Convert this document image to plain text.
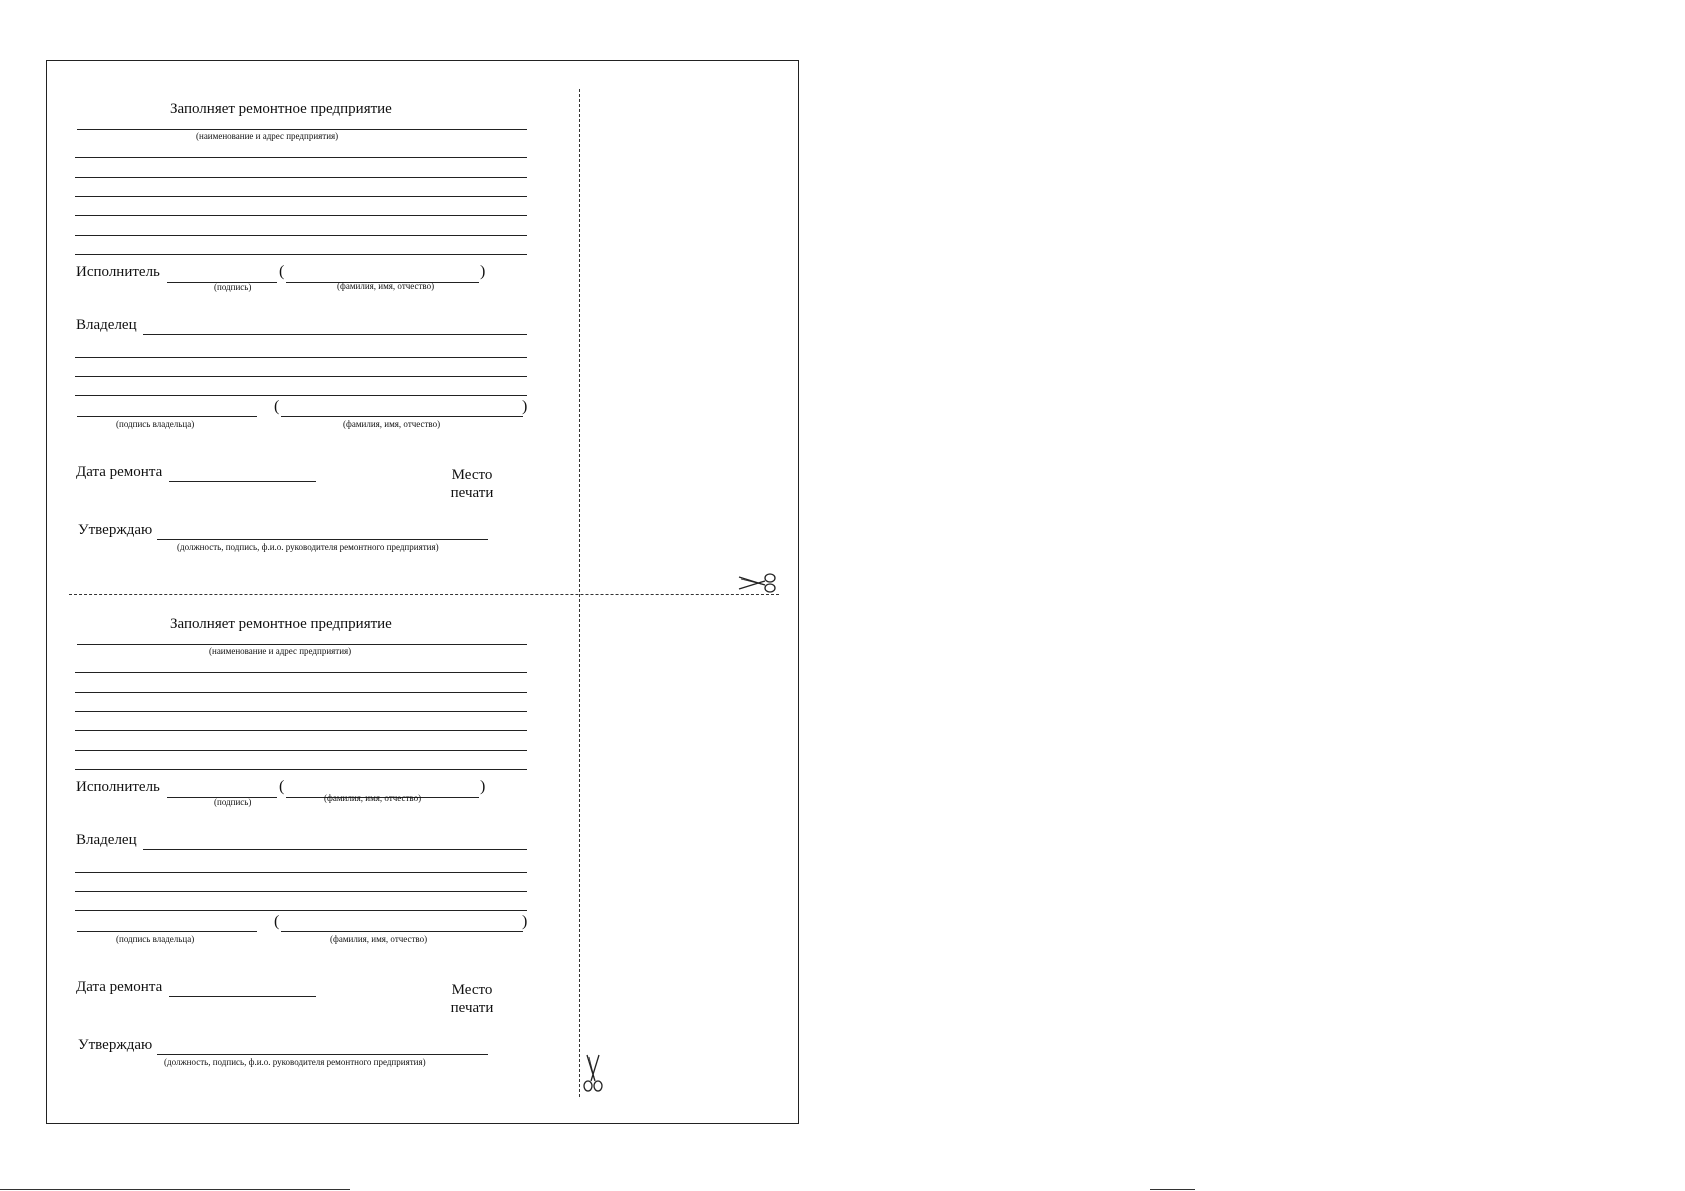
Заполняет ремонтное предприятие
(наименование и адрес предприятия)
Исполнитель	(	)
(подпись)	(фамилия, имя, отчество)
Владелец
(	)
(подпись владельца)	(фамилия, имя, отчество)
Дата ремонта	Место
печати
Утверждаю
(должность, подпись, ф.и.о. руководителя ремонтного предприятия)
Заполняет ремонтное предприятие
(наименование и адрес предприятия)
Исполнитель	(	)
(подпись)	(фамилия, имя, отчество)
Владелец
(	)
(подпись владельца)	(фамилия, имя, отчество)
Дата ремонта	Место
печати
Утверждаю
(должность, подпись, ф.и.о. руководителя ремонтного предприятия)
